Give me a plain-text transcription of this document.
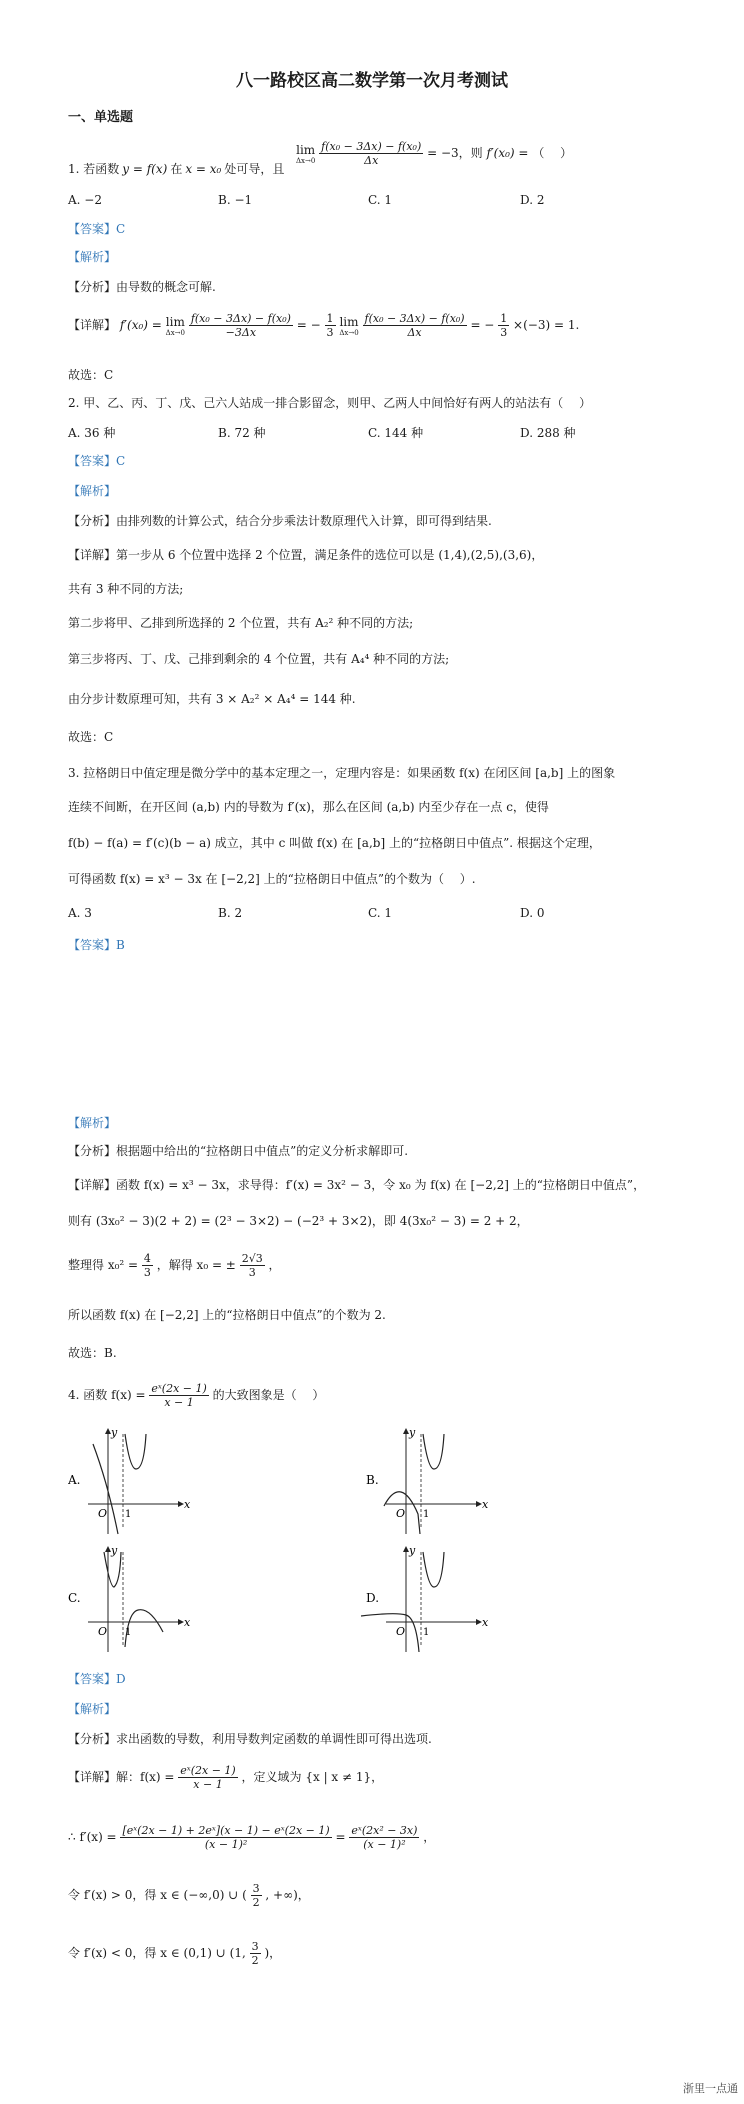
八一路校区高二数学第一次月考测试
一、单选题
1. 若函数 y = f(x) 在 x = x₀ 处可导，且
lim
Δx→0
$\frac{\text{f(x₀ − 3Δx) − f(x₀)}}{\Delta x} = -3$，则 f′(x₀) = （　 ）
A. −2	B. −1	C. 1	D. 2
【答案】C
【解析】
【分析】由导数的概念可解.
【详解】 f′(x₀) = lim
Δx→0
$\frac{\text{f(x₀ − 3Δx) − f(x₀)}}{-3\Delta x}$ = − $\frac{1}{3}$
lim
Δx→0
$\frac{\text{f(x₀ − 3Δx) − f(x₀)}}{\Delta x}$ = − $\frac{1}{3} \times(-3) = 1$.
故选：C
2. 甲、乙、丙、丁、戊、己六人站成一排合影留念，则甲、乙两人中间恰好有两人的站法有（　 ）
A. 36 种	B. 72 种	C. 144 种	D. 288 种
【答案】C
【解析】
【分析】由排列数的计算公式，结合分步乘法计数原理代入计算，即可得到结果.
【详解】第一步从 6 个位置中选择 2 个位置，满足条件的选位可以是 (1,4),(2,5),(3,6)，
共有 3 种不同的方法;
第二步将甲、乙排到所选择的 2 个位置，共有 A₂² 种不同的方法;
第三步将丙、丁、戊、己排到剩余的 4 个位置，共有 A₄⁴ 种不同的方法;
由分步计数原理可知，共有 3 × A₂² × A₄⁴ = 144 种.
故选：C
3. 拉格朗日中值定理是微分学中的基本定理之一，定理内容是：如果函数 f(x) 在闭区间 [a,b] 上的图象
连续不间断，在开区间 (a,b) 内的导数为 f′(x)，那么在区间 (a,b) 内至少存在一点 c，使得
f(b) − f(a) = f′(c)(b − a) 成立，其中 c 叫做 f(x) 在 [a,b] 上的“拉格朗日中值点”. 根据这个定理，
可得函数 f(x) = x³ − 3x 在 [−2,2] 上的“拉格朗日中值点”的个数为（　 ）.
A. 3	B. 2	C. 1	D. 0
【答案】B
【解析】
【分析】根据题中给出的“拉格朗日中值点”的定义分析求解即可.
【详解】函数 f(x) = x³ − 3x，求导得：f′(x) = 3x² − 3，令 x₀ 为 f(x) 在 [−2,2] 上的“拉格朗日中值点”，
则有 (3x₀² − 3)(2 + 2) = (2³ − 3×2) − (−2³ + 3×2)，即 4(3x₀² − 3) = 2 + 2，
整理得 $x_0^2 = \frac{4}{3}$ ，解得 x₀ = ± $\frac{2√3}{3}$ ，
所以函数 f(x) 在 [−2,2] 上的“拉格朗日中值点”的个数为 2.
故选：B.
4. 函数 $f(x) = \frac{\text{eˣ(2x − 1)}}{x - 1}$ 的大致图象是（　 ）
A.
O 1
x
y
B.
O 1
x
y
C.
O 1
x
y
D.
O 1
x
y
【答案】D
【解析】
【分析】求出函数的导数，利用导数判定函数的单调性即可得出选项.
【详解】解：$f(x) = \frac{\text{eˣ(2x − 1)}}{x - 1}$ ，定义域为 {x | x ≠ 1}，
∴ $f'(x) = \frac{\text{[eˣ(2x − 1) + 2eˣ](x − 1) − eˣ(2x − 1)}}{\text{(x − 1)²}} = \frac{\text{eˣ(2x² − 3x)}}{\text{(x − 1)²}}$ ，
令 f′(x) > 0，得 x ∈ (−∞,0) ∪ ( $\frac{3}{2}$ , +∞)，
令 f′(x) < 0，得 x ∈ (0,1) ∪ (1, $\frac{3}{2}$ )，
浙里一点通
